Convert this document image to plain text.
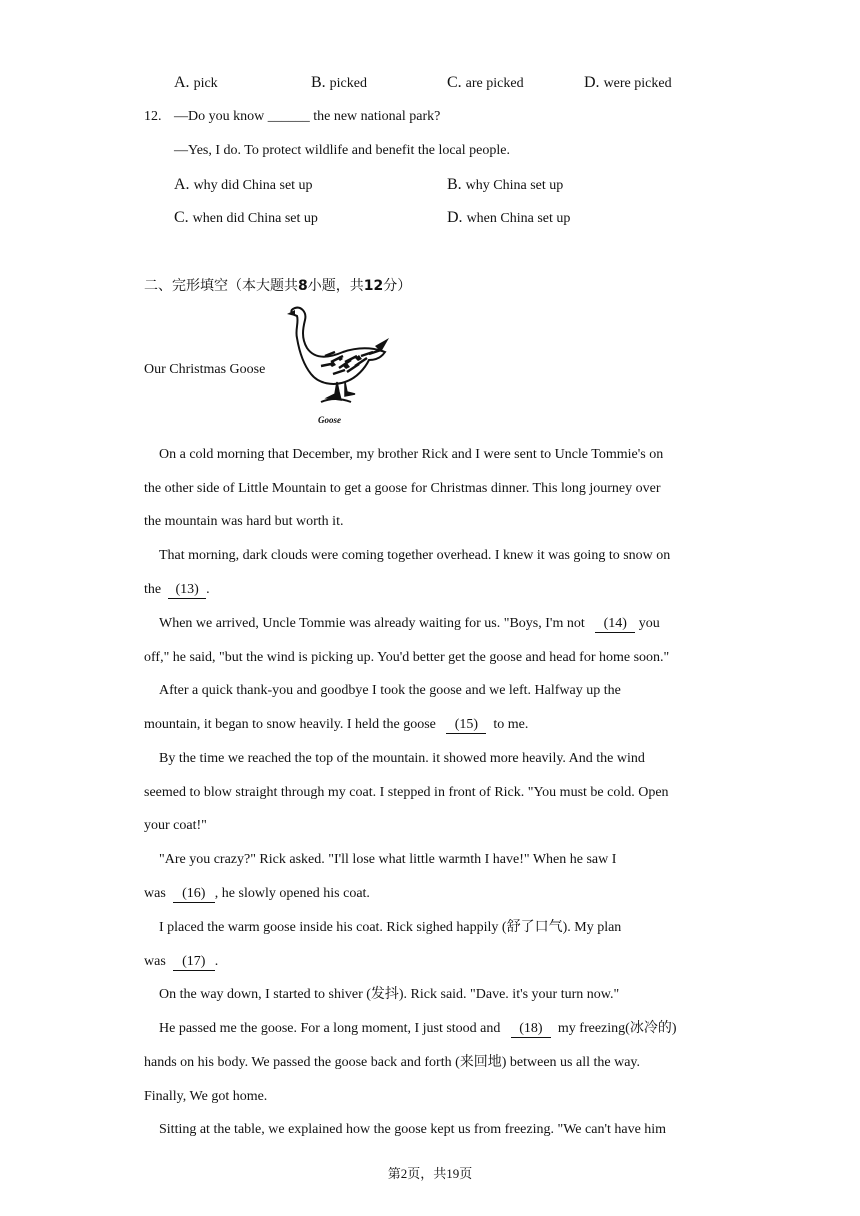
A. pick	B. picked	C. are picked	D. were picked
12. —Do you know ______ the new national park?
—Yes, I do. To protect wildlife and benefit the local people.
A. why did China set up	B. why China set up
C. when did China set up	D. when China set up
二、完形填空（本大题共8小题，共12分）
Our Christmas Goose
Goose
On a cold morning that December, my brother Rick and I were sent to Uncle Tommie's on
the other side of Little Mountain to get a goose for Christmas dinner. This long journey over
the mountain was hard but worth it.
That morning, dark clouds were coming together overhead. I knew it was going to snow on
the (13) .
When we arrived, Uncle Tommie was already waiting for us. "Boys, I'm not (14) you
off," he said, "but the wind is picking up. You'd better get the goose and head for home soon."
After a quick thank-you and goodbye I took the goose and we left. Halfway up the
mountain, it began to snow heavily. I held the goose (15) to me.
By the time we reached the top of the mountain. it showed more heavily. And the wind
seemed to blow straight through my coat. I stepped in front of Rick. "You must be cold. Open
your coat!"
"Are you crazy?" Rick asked. "I'll lose what little warmth I have!" When he saw I
was (16) , he slowly opened his coat.
I placed the warm goose inside his coat. Rick sighed happily (舒了口气). My plan
was (17) .
On the way down, I started to shiver (发抖). Rick said. "Dave. it's your turn now."
He passed me the goose. For a long moment, I just stood and (18) my freezing(冰冷的)
hands on his body. We passed the goose back and forth (来回地) between us all the way.
Finally, We got home.
Sitting at the table, we explained how the goose kept us from freezing. "We can't have him
第2页，共19页
